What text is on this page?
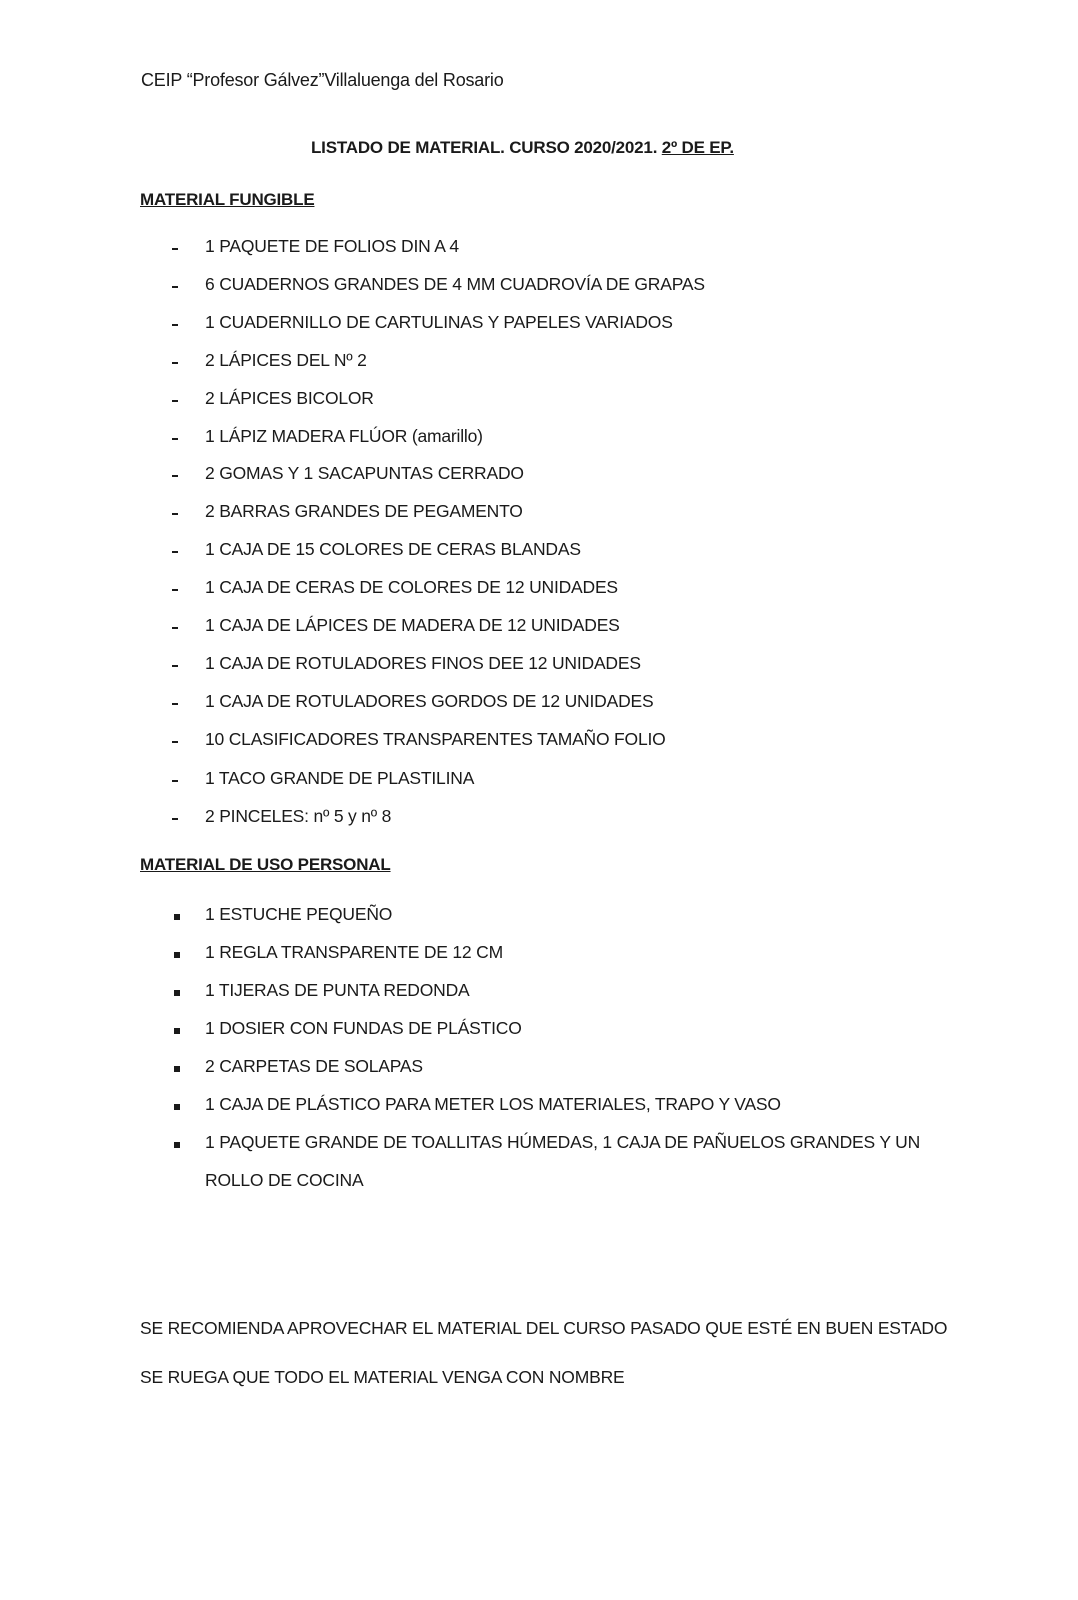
CEIP “Profesor Gálvez”Villaluenga del Rosario
LISTADO DE MATERIAL. CURSO 2020/2021. 2º DE EP.
MATERIAL FUNGIBLE
1 PAQUETE DE FOLIOS DIN A 4
6 CUADERNOS GRANDES DE 4 MM CUADROVÍA DE GRAPAS
1 CUADERNILLO DE CARTULINAS Y PAPELES VARIADOS
2 LÁPICES DEL Nº 2
2 LÁPICES BICOLOR
1 LÁPIZ MADERA FLÚOR (amarillo)
2 GOMAS Y 1 SACAPUNTAS CERRADO
2 BARRAS GRANDES DE PEGAMENTO
1 CAJA DE 15 COLORES DE CERAS BLANDAS
1 CAJA DE CERAS DE COLORES DE 12 UNIDADES
1 CAJA DE LÁPICES DE MADERA DE 12 UNIDADES
1 CAJA DE ROTULADORES FINOS DEE 12 UNIDADES
1 CAJA DE ROTULADORES GORDOS DE 12 UNIDADES
10 CLASIFICADORES TRANSPARENTES TAMAÑO FOLIO
1 TACO GRANDE DE PLASTILINA
2 PINCELES: nº 5 y nº 8
MATERIAL DE USO PERSONAL
1 ESTUCHE PEQUEÑO
1 REGLA TRANSPARENTE DE 12 CM
1 TIJERAS DE PUNTA REDONDA
1 DOSIER CON FUNDAS DE PLÁSTICO
2 CARPETAS DE SOLAPAS
1 CAJA DE PLÁSTICO PARA METER LOS MATERIALES, TRAPO Y VASO
1 PAQUETE GRANDE DE TOALLITAS HÚMEDAS, 1 CAJA DE PAÑUELOS GRANDES Y UN ROLLO DE COCINA
SE RECOMIENDA APROVECHAR EL MATERIAL DEL CURSO PASADO QUE ESTÉ EN BUEN ESTADO
SE RUEGA QUE TODO EL MATERIAL VENGA CON NOMBRE
